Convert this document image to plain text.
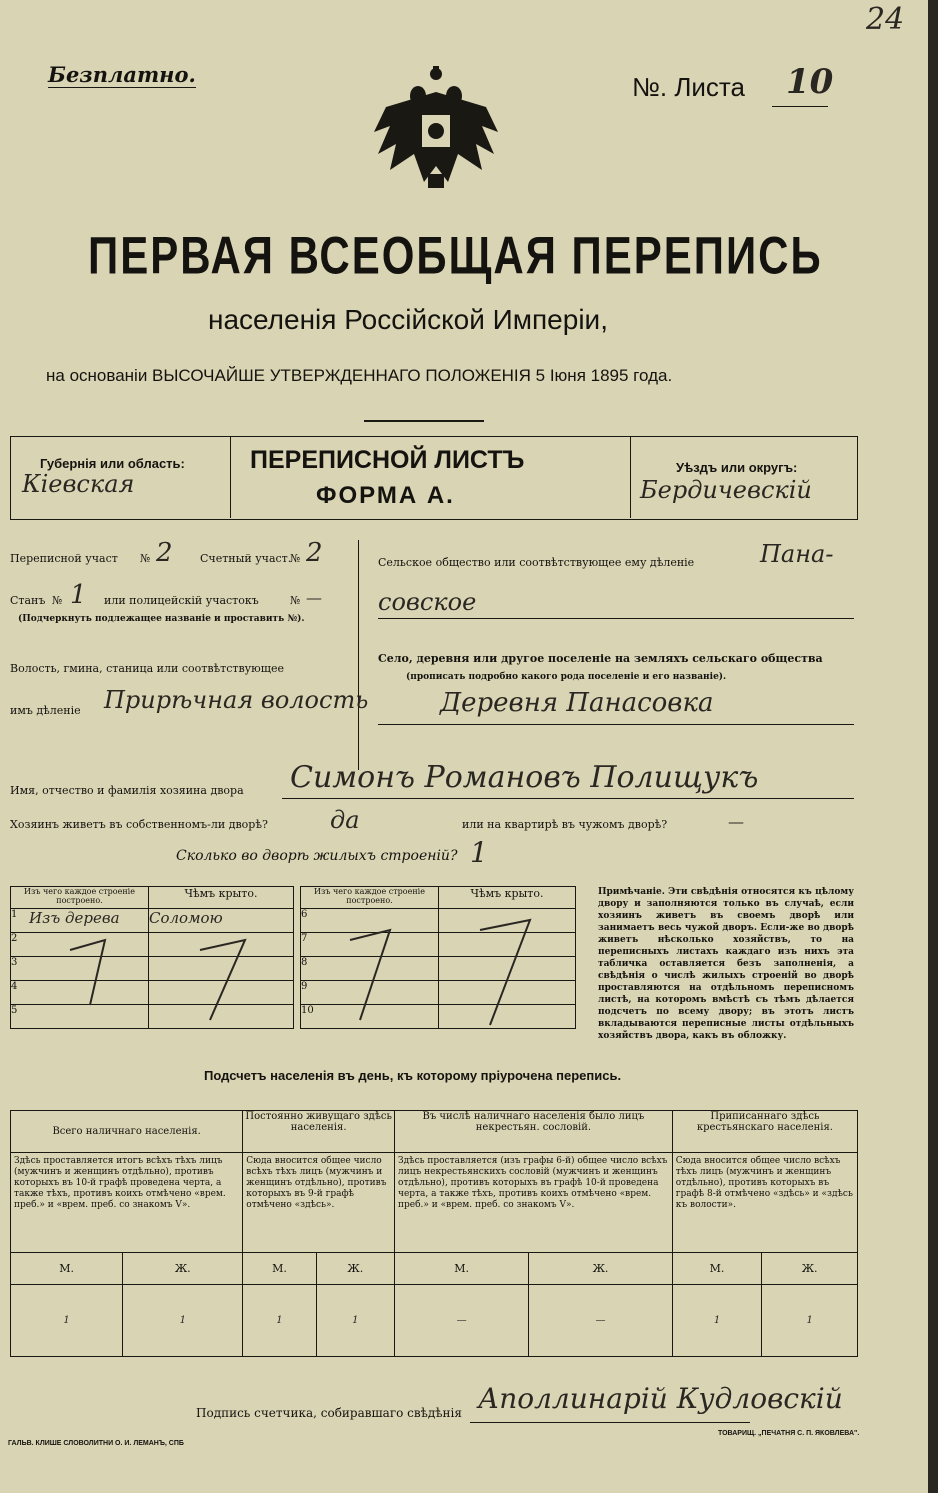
24
Безплатно.	№. Листа 10
ПЕРВАЯ ВСЕОБЩАЯ ПЕРЕПИСЬ
населенія Россійской Имперіи,
на основаніи ВЫСОЧАЙШЕ УТВЕРЖДЕННАГО ПОЛОЖЕНІЯ 5 Іюня 1895 года.
Губернія или область:
Кіевская
ПЕРЕПИСНОЙ ЛИСТЪ
ФОРМА А.
Уѣздъ или округъ:
Бердичевскій
Переписной участ № 2 Счетный участ.
№ 2
Станъ № 1 или полицейскій участокъ	№ —
(Подчеркнуть подлежащее названіе и проставить №).
Волость, гмина, станица или соотвѣтствующее
имъ дѣленіе Прирѣчная волость
Сельское общество или соотвѣтствующее ему дѣленіе	Пана-
совское
Село, деревня или другое поселеніе на земляхъ сельскаго общества
(прописать подробно какого рода поселеніе и его названіе).
Деревня Панасовка
Имя, отчество и фамилія хозяина двора Симонъ Романовъ Полищукъ
Хозяинъ живетъ въ собственномъ-ли дворѣ?	да	или на квартирѣ въ чужомъ дворѣ?	—
Сколько во дворѣ жилыхъ строеній? 1
Изъ чего каждое строеніе построено.		Чѣмъ крыто.
1	Изъ дерева	Соломою
2		
3		
4		
5		
Изъ чего каждое строеніе построено.		Чѣмъ крыто.
6		
7		
8		
9		
10		
Примѣчаніе. Эти свѣдѣнія относятся къ цѣлому двору и заполняются только въ случаѣ, если хозяинъ живетъ въ своемъ дворѣ или занимаетъ весь чужой дворъ. Если-же во дворѣ живетъ нѣсколько хозяйствъ, то на переписныхъ листахъ каждаго изъ нихъ эта табличка оставляется безъ заполненія, а свѣдѣнія о числѣ жилыхъ строеній во дворѣ проставляются на отдѣльномъ переписномъ листѣ, на которомъ вмѣстѣ съ тѣмъ дѣлается подсчетъ по всему двору; въ этотъ листъ вкладываются переписные листы отдѣльныхъ хозяйствъ двора, какъ въ обложку.
Подсчетъ населенія въ день, къ которому пріурочена перепись.
Всего наличнаго населенія.		Постоянно живущаго здѣсь населенія.		Въ числѣ наличнаго населенія было лицъ некрестьян. сословій.		Приписаннаго здѣсь крестьянскаго населенія.	
Здѣсь проставляется итогъ всѣхъ тѣхъ лицъ (мужчинъ и женщинъ отдѣльно), противъ которыхъ въ 10-й графѣ проведена черта, а также тѣхъ, противъ коихъ отмѣчено «врем. преб.» и «врем. преб. со знакомъ V».		Сюда вносится общее число всѣхъ тѣхъ лицъ (мужчинъ и женщинъ отдѣльно), противъ которыхъ въ 9-й графѣ отмѣчено «здѣсь».		Здѣсь проставляется (изъ графы 6-й) общее число всѣхъ лицъ некрестьянскихъ сословій (мужчинъ и женщинъ отдѣльно), противъ которыхъ въ графѣ 10-й проведена черта, а также тѣхъ, противъ коихъ отмѣчено «врем. преб.» и «врем. преб. со знакомъ V».		Сюда вносится общее число всѣхъ тѣхъ лицъ (мужчинъ и женщинъ отдѣльно), противъ которыхъ въ графѣ 8-й отмѣчено «здѣсь» и «здѣсь къ волости».	
М.	Ж.	М.	Ж.	М.	Ж.	М.	Ж.
1	1	1	1	—	—	1	1
Подпись счетчика, собиравшаго свѣдѣнія Аполлинарій Кудловскій
ГАЛЬВ. КЛИШЕ СЛОВОЛИТНИ О. И. ЛЕМАНЪ, СПБ
ТОВАРИЩ. „ПЕЧАТНЯ С. П. ЯКОВЛЕВА".
